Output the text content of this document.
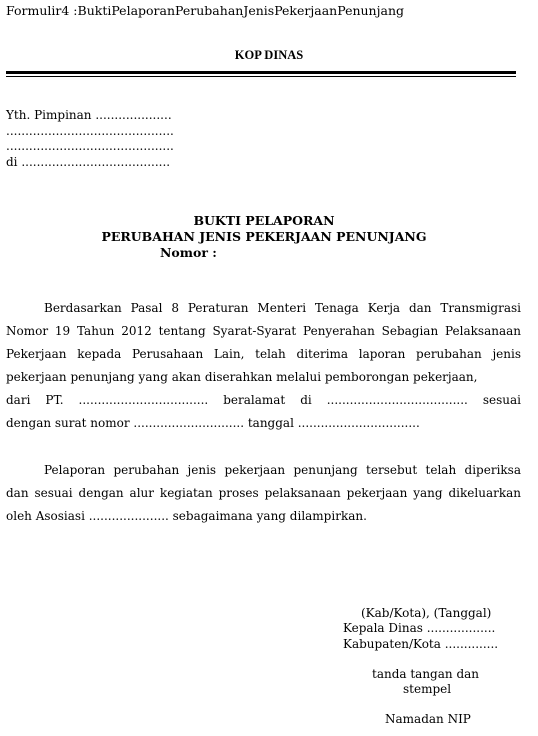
Formulir4 :BuktiPelaporanPerubahanJenisPekerjaanPenunjang
KOP DINAS
Yth. Pimpinan ....................
............................................
............................................
di .......................................
BUKTI PELAPORAN
PERUBAHAN JENIS PEKERJAAN PENUNJANG
Nomor :
Berdasarkan Pasal 8 Peraturan Menteri Tenaga Kerja dan Transmigrasi
Nomor 19 Tahun 2012 tentang Syarat-Syarat Penyerahan Sebagian Pelaksanaan
Pekerjaan kepada Perusahaan Lain, telah diterima laporan perubahan jenis
pekerjaan penunjang yang akan diserahkan melalui pemborongan pekerjaan,
dari PT. .................................. beralamat di ..................................... sesuai
dengan surat nomor ............................. tanggal ................................
Pelaporan perubahan jenis pekerjaan penunjang tersebut telah diperiksa
dan sesuai dengan alur kegiatan proses pelaksanaan pekerjaan yang dikeluarkan
oleh Asosiasi ..................... sebagaimana yang dilampirkan.
(Kab/Kota), (Tanggal)
Kepala Dinas ..................
Kabupaten/Kota ..............
tanda tangan dan
stempel
Namadan NIP
